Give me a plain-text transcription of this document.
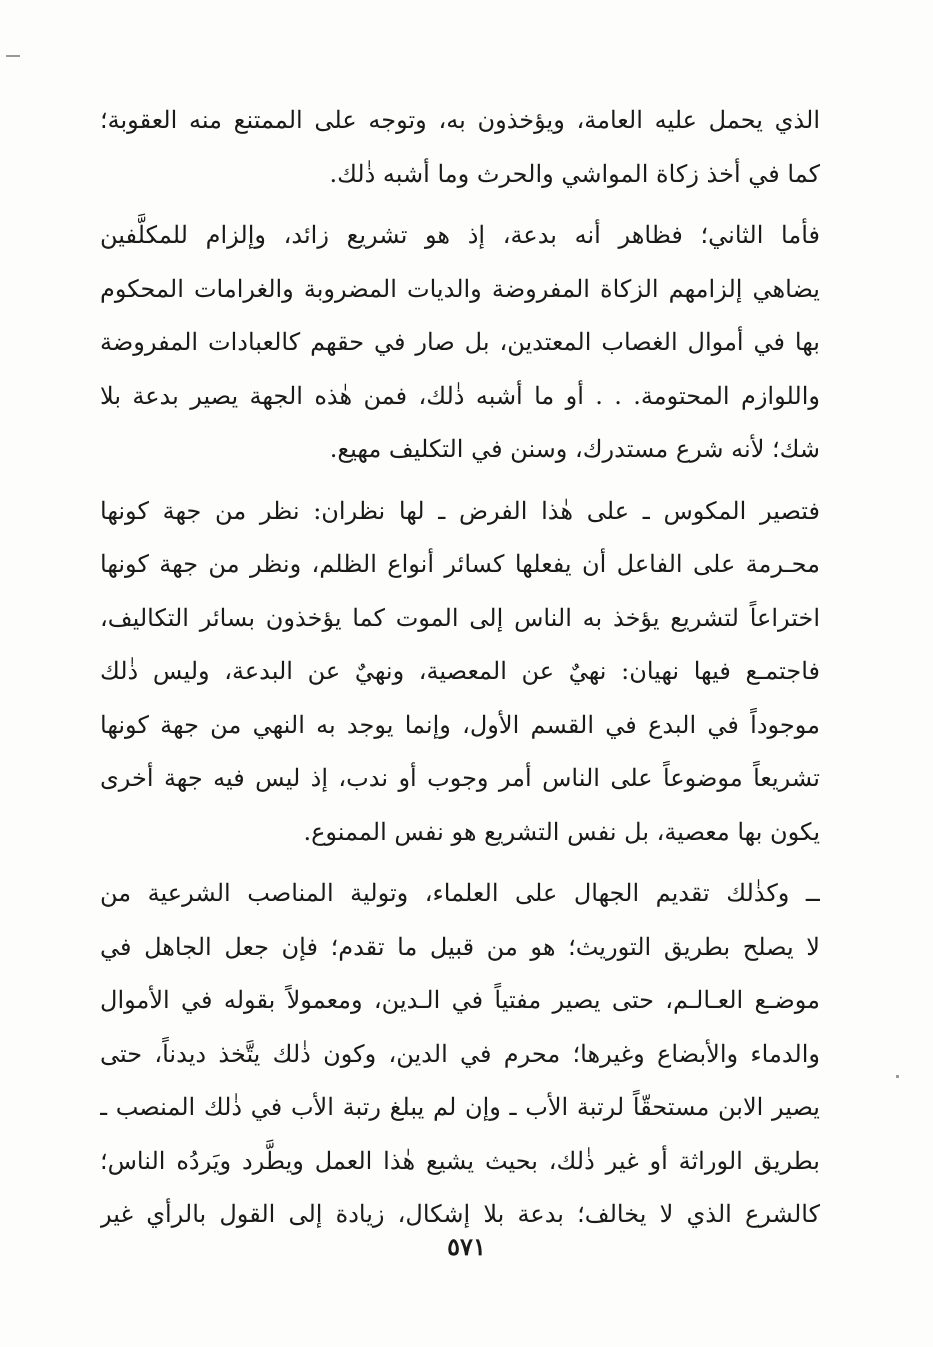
الذي يحمل عليه العامة، ويؤخذون به، وتوجه على الممتنع منه العقوبة؛
كما في أخذ زكاة المواشي والحرث وما أشبه ذٰلك.
فأما الثاني؛ فظاهر أنه بدعة، إذ هو تشريع زائد، وإلزام للمكلَّفين
يضاهي إلزامهم الزكاة المفروضة والديات المضروبة والغرامات المحكوم
بها في أموال الغصاب المعتدين، بل صار في حقهم كالعبادات المفروضة
واللوازم المحتومة. . . أو ما أشبه ذٰلك، فمن هٰذه الجهة يصير بدعة بلا
شك؛ لأنه شرع مستدرك، وسنن في التكليف مهيع.
فتصير المكوس ـ على هٰذا الفرض ـ لها نظران: نظر من جهة كونها
محـرمة على الفاعل أن يفعلها كسائر أنواع الظلم، ونظر من جهة كونها
اختراعاً لتشريع يؤخذ به الناس إلى الموت كما يؤخذون بسائر التكاليف،
فاجتمـع فيها نهيان: نهيٌ عن المعصية، ونهيٌ عن البدعة، وليس ذٰلك
موجوداً في البدع في القسم الأول، وإنما يوجد به النهي من جهة كونها
تشريعاً موضوعاً على الناس أمر وجوب أو ندب، إذ ليس فيه جهة أخرى
يكون بها معصية، بل نفس التشريع هو نفس الممنوع.
ــ وكذٰلك تقديم الجهال على العلماء، وتولية المناصب الشرعية من
لا يصلح بطريق التوريث؛ هو من قبيل ما تقدم؛ فإن جعل الجاهل في
موضـع العـالـم، حتى يصير مفتياً في الـدين، ومعمولاً بقوله في الأموال
والدماء والأبضاع وغيرها؛ محرم في الدين، وكون ذٰلك يتَّخذ ديدناً، حتى
يصير الابن مستحقّاً لرتبة الأب ـ وإن لم يبلغ رتبة الأب في ذٰلك المنصب ـ
بطريق الوراثة أو غير ذٰلك، بحيث يشيع هٰذا العمل ويطَّرد ويَردُه الناس؛
كالشرع الذي لا يخالف؛ بدعة بلا إشكال، زيادة إلى القول بالرأي غير
٥٧١
